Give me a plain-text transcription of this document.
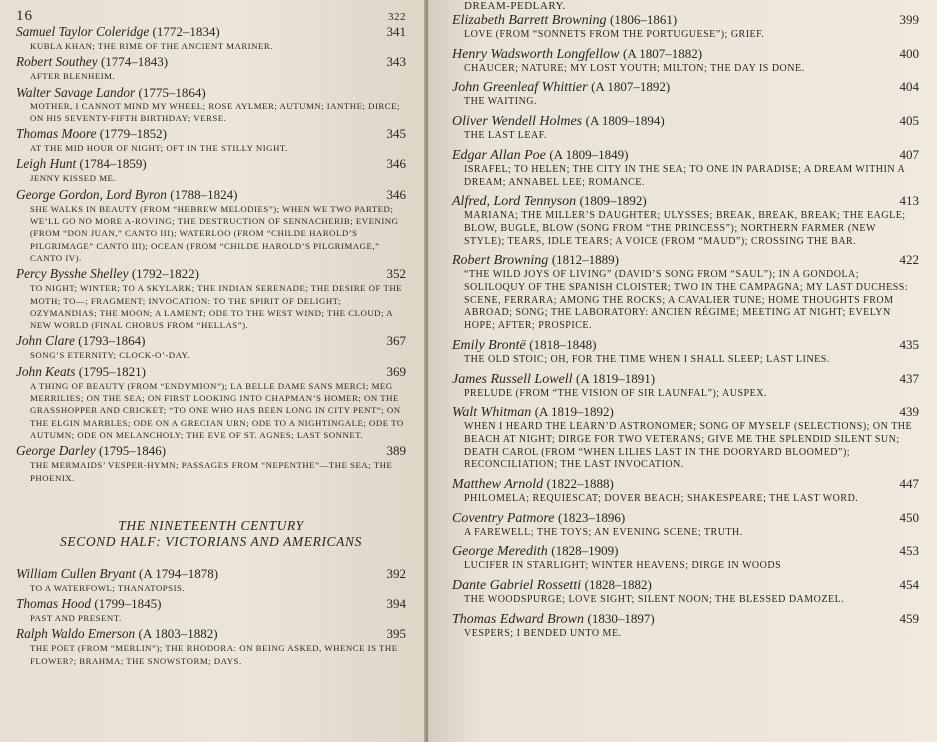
16	322
Samuel Taylor Coleridge (1772–1834)	341
KUBLA KHAN; THE RIME OF THE ANCIENT MARINER.
Robert Southey (1774–1843)	343
AFTER BLENHEIM.
Walter Savage Landor (1775–1864)
MOTHER, I CANNOT MIND MY WHEEL; ROSE AYLMER; AUTUMN; IANTHE; DIRCE; ON HIS SEVENTY-FIFTH BIRTHDAY; VERSE.
Thomas Moore (1779–1852)	345
AT THE MID HOUR OF NIGHT; OFT IN THE STILLY NIGHT.
Leigh Hunt (1784–1859)	346
JENNY KISSED ME.
George Gordon, Lord Byron (1788–1824)	346
SHE WALKS IN BEAUTY (FROM “HEBREW MELODIES”); WHEN WE TWO PARTED; WE’LL GO NO MORE A-ROVING; THE DESTRUCTION OF SENNACHERIB; EVENING (FROM “DON JUAN,” CANTO III); WATERLOO (FROM “CHILDE HAROLD’S PILGRIMAGE” CANTO III); OCEAN (FROM “CHILDE HAROLD’S PILGRIMAGE,” CANTO IV).
Percy Bysshe Shelley (1792–1822)	352
TO NIGHT; WINTER; TO A SKYLARK; THE INDIAN SERENADE; THE DESIRE OF THE MOTH; TO—; FRAGMENT; INVOCATION: TO THE SPIRIT OF DELIGHT; OZYMANDIAS; THE MOON; A LAMENT; ODE TO THE WEST WIND; THE CLOUD; A NEW WORLD (FINAL CHORUS FROM “HELLAS”).
John Clare (1793–1864)	367
SONG’S ETERNITY; CLOCK-O’-DAY.
John Keats (1795–1821)	369
A THING OF BEAUTY (FROM “ENDYMION”); LA BELLE DAME SANS MERCI; MEG MERRILIES; ON THE SEA; ON FIRST LOOKING INTO CHAPMAN’S HOMER; ON THE GRASSHOPPER AND CRICKET; “TO ONE WHO HAS BEEN LONG IN CITY PENT”; ON THE ELGIN MARBLES; ODE ON A GRECIAN URN; ODE TO A NIGHTINGALE; ODE TO AUTUMN; ODE ON MELANCHOLY; THE EVE OF ST. AGNES; LAST SONNET.
George Darley (1795–1846)	389
THE MERMAIDS’ VESPER-HYMN; PASSAGES FROM “NEPENTHE”—THE SEA; THE PHOENIX.
THE NINETEENTH CENTURY
SECOND HALF: VICTORIANS AND AMERICANS
William Cullen Bryant (A 1794–1878)	392
TO A WATERFOWL; THANATOPSIS.
Thomas Hood (1799–1845)	394
PAST AND PRESENT.
Ralph Waldo Emerson (A 1803–1882)	395
THE POET (FROM “MERLIN”); THE RHODORA: ON BEING ASKED, WHENCE IS THE FLOWER?; BRAHMA; THE SNOWSTORM; DAYS.
DREAM-PEDLARY.
Elizabeth Barrett Browning (1806–1861)	399
LOVE (FROM “SONNETS FROM THE PORTUGUESE”); GRIEF.
Henry Wadsworth Longfellow (A 1807–1882)	400
CHAUCER; NATURE; MY LOST YOUTH; MILTON; THE DAY IS DONE.
John Greenleaf Whittier (A 1807–1892)	404
THE WAITING.
Oliver Wendell Holmes (A 1809–1894)	405
THE LAST LEAF.
Edgar Allan Poe (A 1809–1849)	407
ISRAFEL; TO HELEN; THE CITY IN THE SEA; TO ONE IN PARADISE; A DREAM WITHIN A DREAM; ANNABEL LEE; ROMANCE.
Alfred, Lord Tennyson (1809–1892)	413
MARIANA; THE MILLER’S DAUGHTER; ULYSSES; BREAK, BREAK, BREAK; THE EAGLE; BLOW, BUGLE, BLOW (SONG FROM “THE PRINCESS”); NORTHERN FARMER (NEW STYLE); TEARS, IDLE TEARS; A VOICE (FROM “MAUD”); CROSSING THE BAR.
Robert Browning (1812–1889)	422
“THE WILD JOYS OF LIVING” (DAVID’S SONG FROM “SAUL”); IN A GONDOLA; SOLILOQUY OF THE SPANISH CLOISTER; TWO IN THE CAMPAGNA; MY LAST DUCHESS: SCENE, FERRARA; AMONG THE ROCKS; A CAVALIER TUNE; HOME THOUGHTS FROM ABROAD; SONG; THE LABORATORY: ANCIEN RÉGIME; MEETING AT NIGHT; EVELYN HOPE; AFTER; PROSPICE.
Emily Brontë (1818–1848)	435
THE OLD STOIC; OH, FOR THE TIME WHEN I SHALL SLEEP; LAST LINES.
James Russell Lowell (A 1819–1891)	437
PRELUDE (FROM “THE VISION OF SIR LAUNFAL”); AUSPEX.
Walt Whitman (A 1819–1892)	439
WHEN I HEARD THE LEARN’D ASTRONOMER; SONG OF MYSELF (SELECTIONS); ON THE BEACH AT NIGHT; DIRGE FOR TWO VETERANS; GIVE ME THE SPLENDID SILENT SUN; DEATH CAROL (FROM “WHEN LILIES LAST IN THE DOORYARD BLOOMED”); RECONCILIATION; THE LAST INVOCATION.
Matthew Arnold (1822–1888)	447
PHILOMELA; REQUIESCAT; DOVER BEACH; SHAKESPEARE; THE LAST WORD.
Coventry Patmore (1823–1896)	450
A FAREWELL; THE TOYS; AN EVENING SCENE; TRUTH.
George Meredith (1828–1909)	453
LUCIFER IN STARLIGHT; WINTER HEAVENS; DIRGE IN WOODS
Dante Gabriel Rossetti (1828–1882)	454
THE WOODSPURGE; LOVE SIGHT; SILENT NOON; THE BLESSED DAMOZEL.
Thomas Edward Brown (1830–1897)	459
VESPERS; I BENDED UNTO ME.
